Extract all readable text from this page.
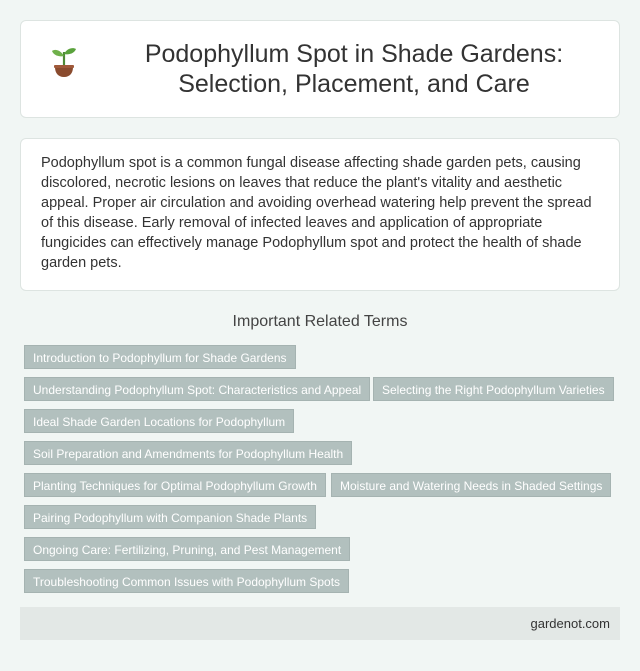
Podophyllum Spot in Shade Gardens: Selection, Placement, and Care

Podophyllum spot is a common fungal disease affecting shade garden pets, causing discolored, necrotic lesions on leaves that reduce the plant's vitality and aesthetic appeal. Proper air circulation and avoiding overhead watering help prevent the spread of this disease. Early removal of infected leaves and application of appropriate fungicides can effectively manage Podophyllum spot and protect the health of shade garden pets.

Important Related Terms
Introduction to Podophyllum for Shade Gardens
Understanding Podophyllum Spot: Characteristics and Appeal	Selecting the Right Podophyllum Varieties
Ideal Shade Garden Locations for Podophyllum
Soil Preparation and Amendments for Podophyllum Health
Planting Techniques for Optimal Podophyllum Growth	Moisture and Watering Needs in Shaded Settings
Pairing Podophyllum with Companion Shade Plants
Ongoing Care: Fertilizing, Pruning, and Pest Management
Troubleshooting Common Issues with Podophyllum Spots
gardenot.com
